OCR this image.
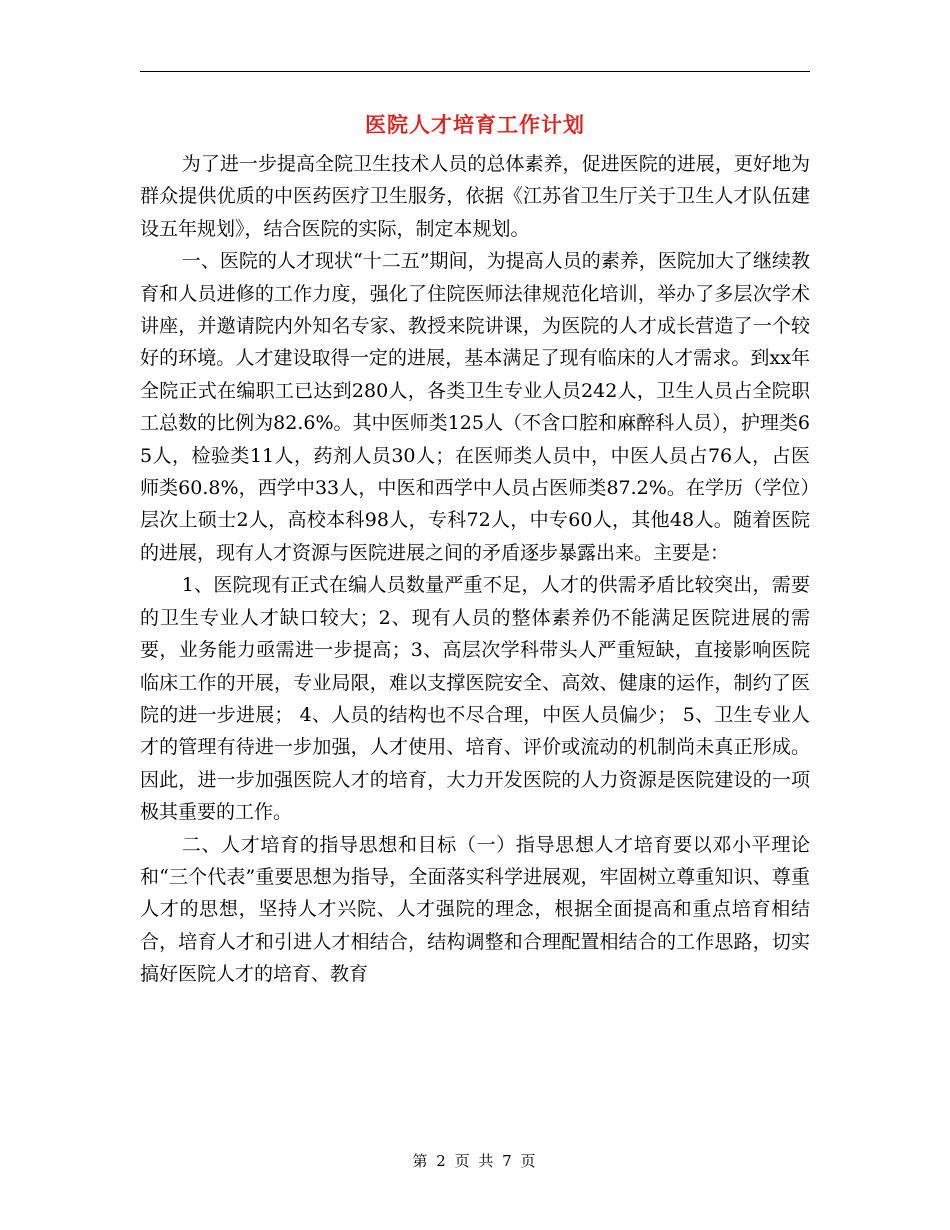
医院人才培育工作计划

为了进一步提高全院卫生技术人员的总体素养，促进医院的进展，更好地为群众提供优质的中医药医疗卫生服务，依据《江苏省卫生厅关于卫生人才队伍建设五年规划》，结合医院的实际，制定本规划。

一、医院的人才现状“十二五”期间，为提高人员的素养，医院加大了继续教育和人员进修的工作力度，强化了住院医师法律规范化培训，举办了多层次学术讲座，并邀请院内外知名专家、教授来院讲课，为医院的人才成长营造了一个较好的环境。人才建设取得一定的进展，基本满足了现有临床的人才需求。到xx年全院正式在编职工已达到280人，各类卫生专业人员242人，卫生人员占全院职工总数的比例为82.6%。其中医师类125人（不含口腔和麻醉科人员），护理类65人，检验类11人，药剂人员30人；在医师类人员中，中医人员占76人，占医师类60.8%，西学中33人，中医和西学中人员占医师类87.2%。在学历（学位）层次上硕士2人，高校本科98人，专科72人，中专60人，其他48人。随着医院的进展，现有人才资源与医院进展之间的矛盾逐步暴露出来。主要是：

1、医院现有正式在编人员数量严重不足，人才的供需矛盾比较突出，需要的卫生专业人才缺口较大；2、现有人员的整体素养仍不能满足医院进展的需要，业务能力亟需进一步提高；3、高层次学科带头人严重短缺，直接影响医院临床工作的开展，专业局限，难以支撑医院安全、高效、健康的运作，制约了医院的进一步进展； 4、人员的结构也不尽合理，中医人员偏少； 5、卫生专业人才的管理有待进一步加强，人才使用、培育、评价或流动的机制尚未真正形成。因此，进一步加强医院人才的培育，大力开发医院的人力资源是医院建设的一项极其重要的工作。

二、人才培育的指导思想和目标（一）指导思想人才培育要以邓小平理论和“三个代表”重要思想为指导，全面落实科学进展观，牢固树立尊重知识、尊重人才的思想，坚持人才兴院、人才强院的理念，根据全面提高和重点培育相结合，培育人才和引进人才相结合，结构调整和合理配置相结合的工作思路，切实搞好医院人才的培育、教育

第 2 页 共 7 页
